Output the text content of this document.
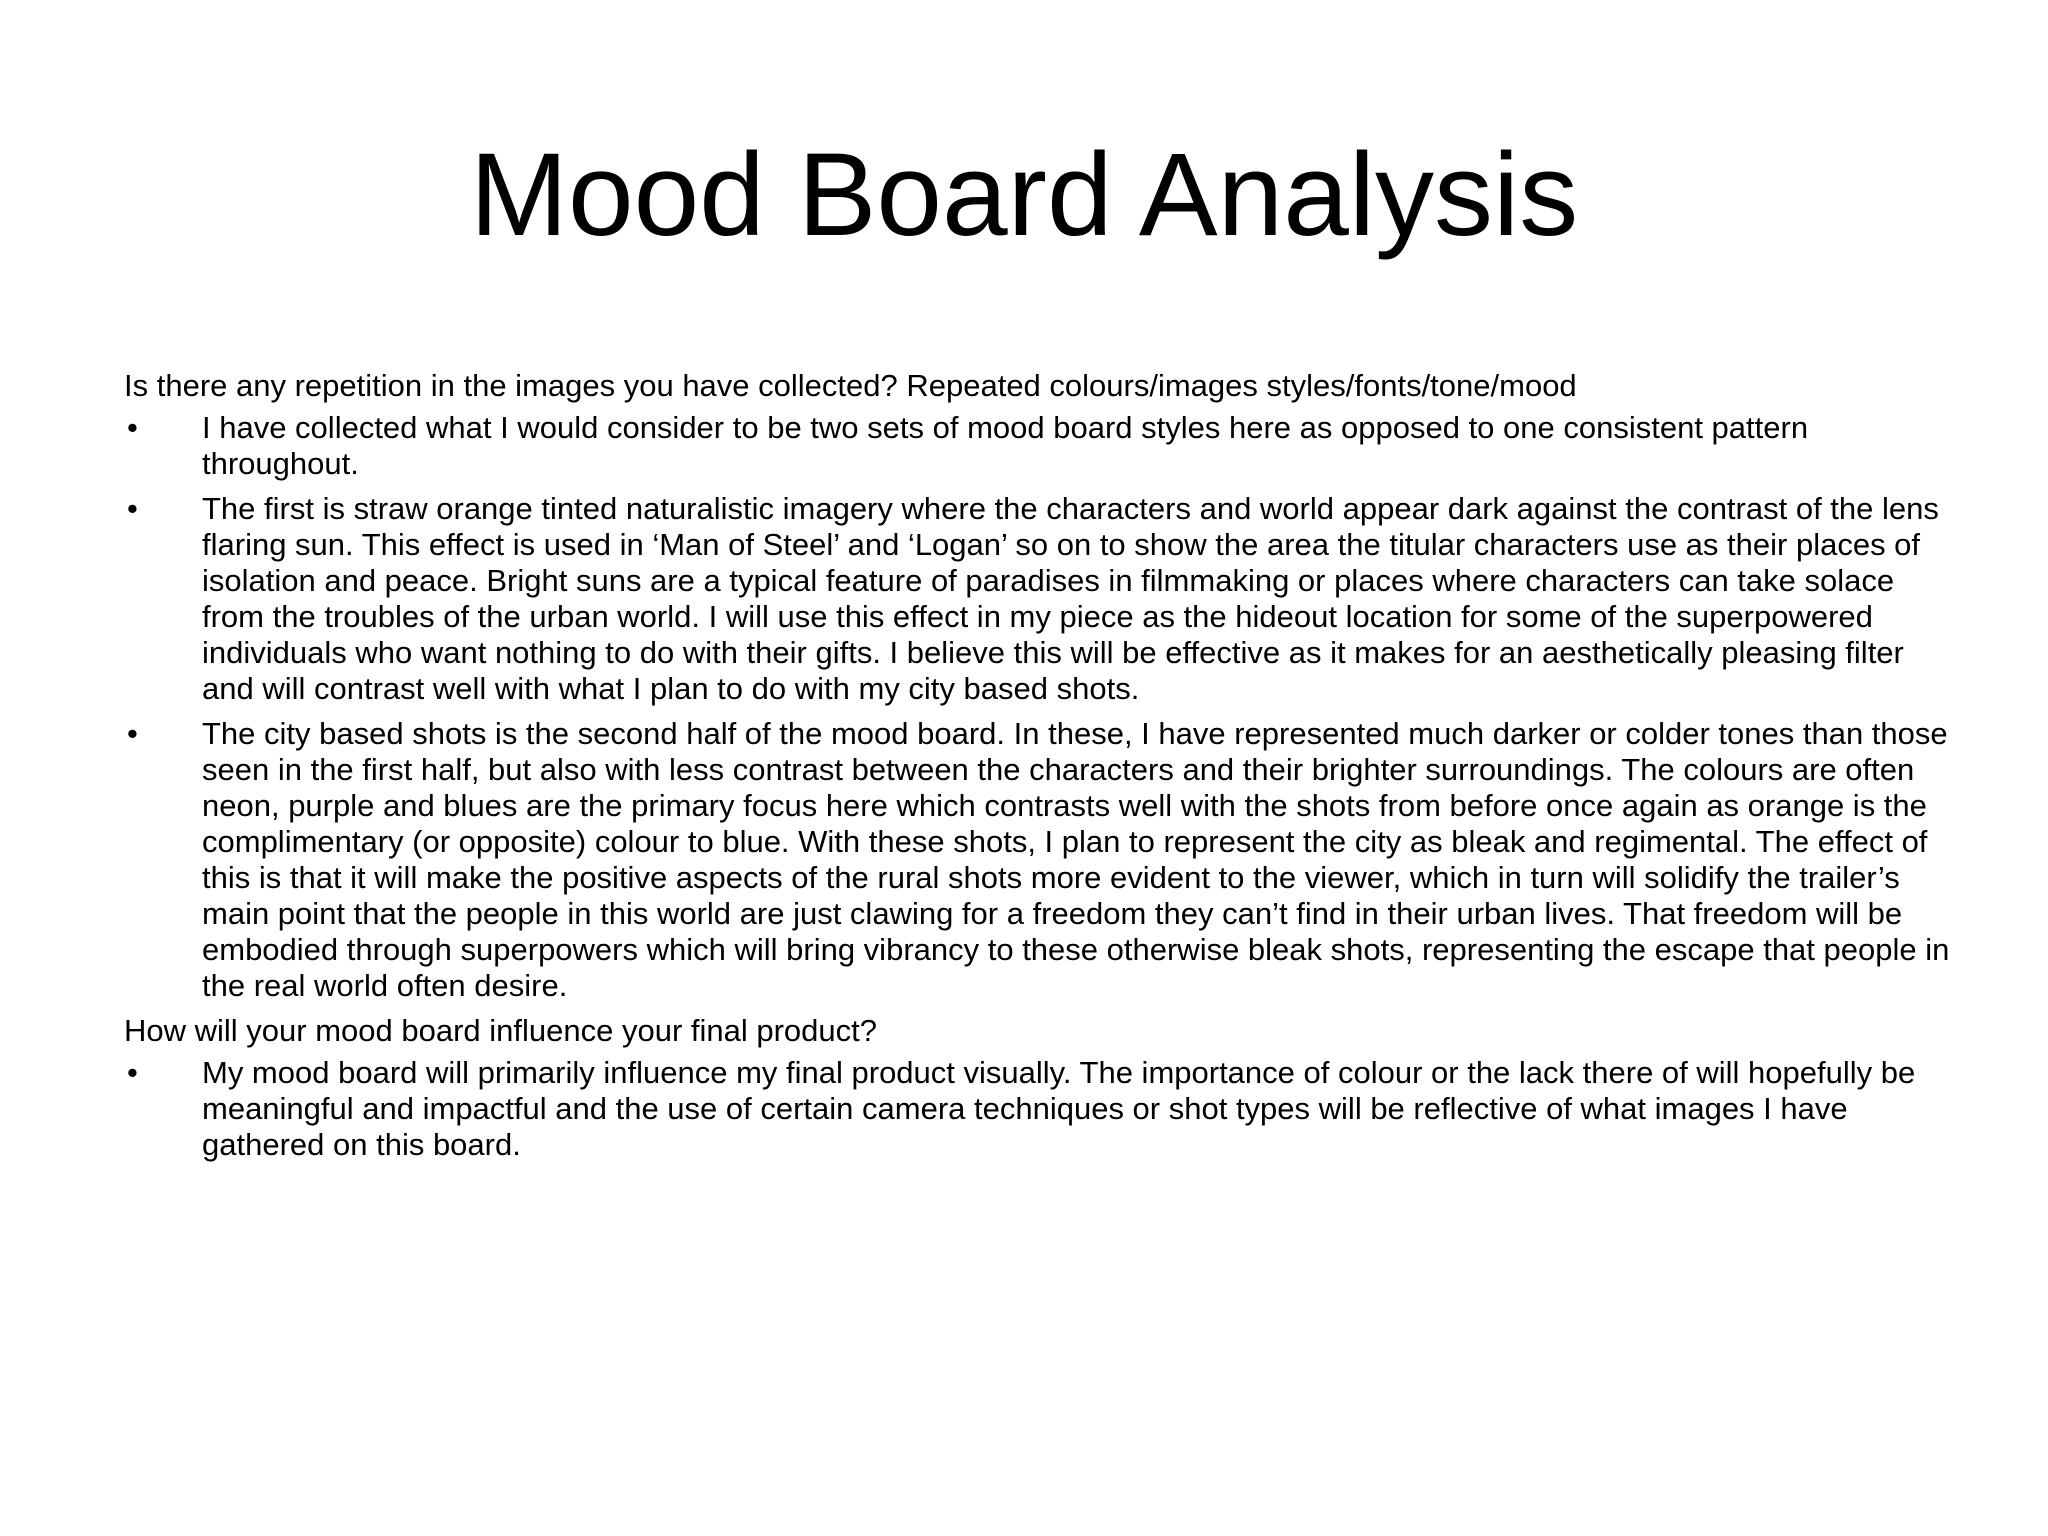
Mood Board Analysis

Is there any repetition in the images you have collected? Repeated colours/images styles/fonts/tone/mood

•	I have collected what I would consider to be two sets of mood board styles here as opposed to one consistent pattern throughout.
•	The first is straw orange tinted naturalistic imagery where the characters and world appear dark against the contrast of the lens flaring sun. This effect is used in ‘Man of Steel’ and ‘Logan’ so on to show the area the titular characters use as their places of isolation and peace. Bright suns are a typical feature of paradises in filmmaking or places where characters can take solace from the troubles of the urban world. I will use this effect in my piece as the hideout location for some of the superpowered individuals who want nothing to do with their gifts. I believe this will be effective as it makes for an aesthetically pleasing filter and will contrast well with what I plan to do with my city based shots.
•	The city based shots is the second half of the mood board. In these, I have represented much darker or colder tones than those seen in the first half, but also with less contrast between the characters and their brighter surroundings. The colours are often neon, purple and blues are the primary focus here which contrasts well with the shots from before once again as orange is the complimentary (or opposite) colour to blue. With these shots, I plan to represent the city as bleak and regimental. The effect of this is that it will make the positive aspects of the rural shots more evident to the viewer, which in turn will solidify the trailer’s main point that the people in this world are just clawing for a freedom they can’t find in their urban lives. That freedom will be embodied through superpowers which will bring vibrancy to these otherwise bleak shots, representing the escape that people in the real world often desire.

How will your mood board influence your final product?

•	My mood board will primarily influence my final product visually. The importance of colour or the lack there of will hopefully be meaningful and impactful and the use of certain camera techniques or shot types will be reflective of what images I have gathered on this board.
